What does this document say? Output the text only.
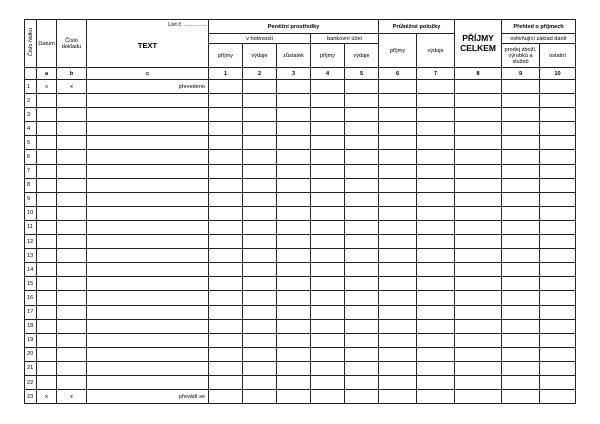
Číslo řádku	Datum	Číslo dokladu	List č. ..............
TEXT	Peněžní prostředky					Průběžné položky		PŘÍJMY CELKEM	Přehled o příjmech	
				v hotovosti			bankovní účet		příjmy	výdaje		ovlivňující základ daně	
				příjmy	výdaje	zůstatek	příjmy	výdaje				prodej zboží, výrobků a služeb	ostatní
	a	b	c	1	2	3	4	5	6	7	8	9	10
1	x	x	převedeno										
2													
3													
4													
5													
6													
7													
8													
9													
10													
11													
12													
13													
14													
15													
16													
17													
18													
19													
20													
21													
22													
23	x	x	převádí se										
